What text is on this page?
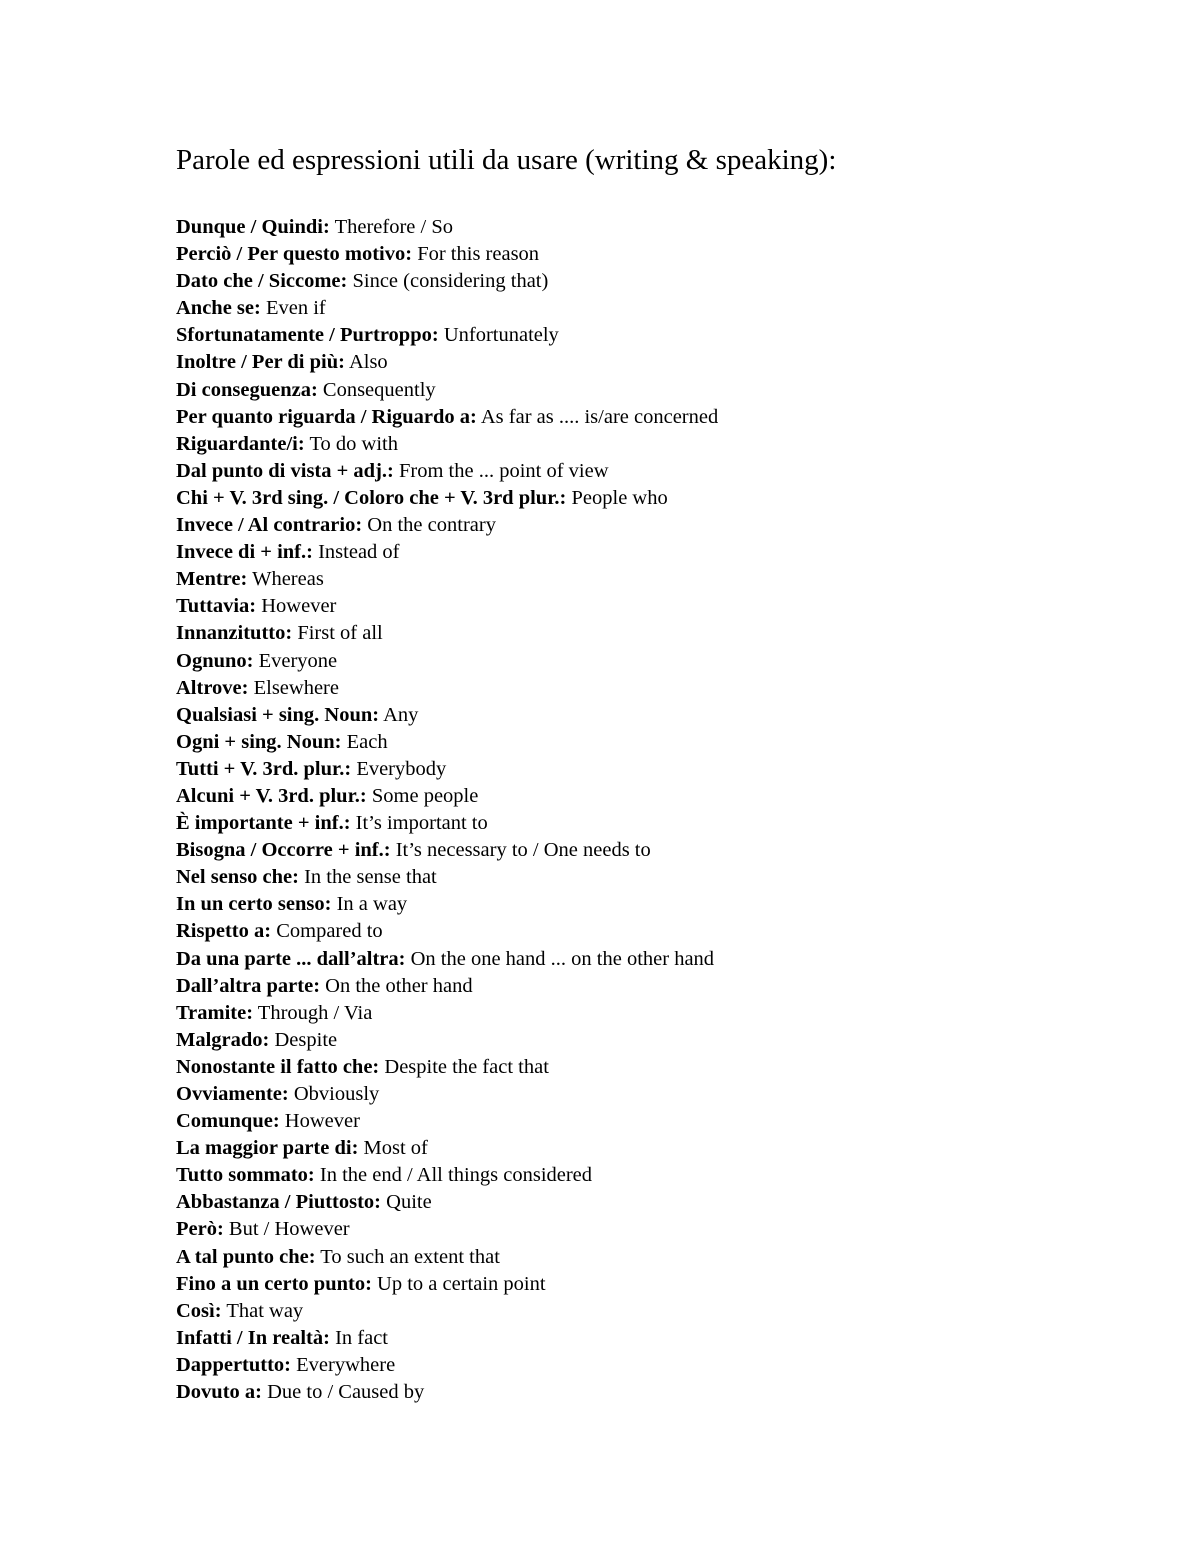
Parole ed espressioni utili da usare (writing & speaking):
Dunque / Quindi: Therefore / So
Perciò / Per questo motivo: For this reason
Dato che / Siccome: Since (considering that)
Anche se: Even if
Sfortunatamente / Purtroppo: Unfortunately
Inoltre / Per di più: Also
Di conseguenza: Consequently
Per quanto riguarda / Riguardo a: As far as .... is/are concerned
Riguardante/i: To do with
Dal punto di vista + adj.: From the ... point of view
Chi + V. 3rd sing. / Coloro che + V. 3rd plur.: People who
Invece / Al contrario: On the contrary
Invece di + inf.: Instead of
Mentre: Whereas
Tuttavia: However
Innanzitutto: First of all
Ognuno: Everyone
Altrove: Elsewhere
Qualsiasi + sing. Noun: Any
Ogni + sing. Noun: Each
Tutti + V. 3rd. plur.: Everybody
Alcuni + V. 3rd. plur.: Some people
È importante + inf.: It’s important to
Bisogna / Occorre + inf.: It’s necessary to / One needs to
Nel senso che: In the sense that
In un certo senso: In a way
Rispetto a: Compared to
Da una parte ... dall’altra: On the one hand ... on the other hand
Dall’altra parte: On the other hand
Tramite: Through / Via
Malgrado: Despite
Nonostante il fatto che: Despite the fact that
Ovviamente: Obviously
Comunque: However
La maggior parte di: Most of
Tutto sommato: In the end / All things considered
Abbastanza / Piuttosto: Quite
Però: But / However
A tal punto che: To such an extent that
Fino a un certo punto: Up to a certain point
Così: That way
Infatti / In realtà: In fact
Dappertutto: Everywhere
Dovuto a: Due to / Caused by
